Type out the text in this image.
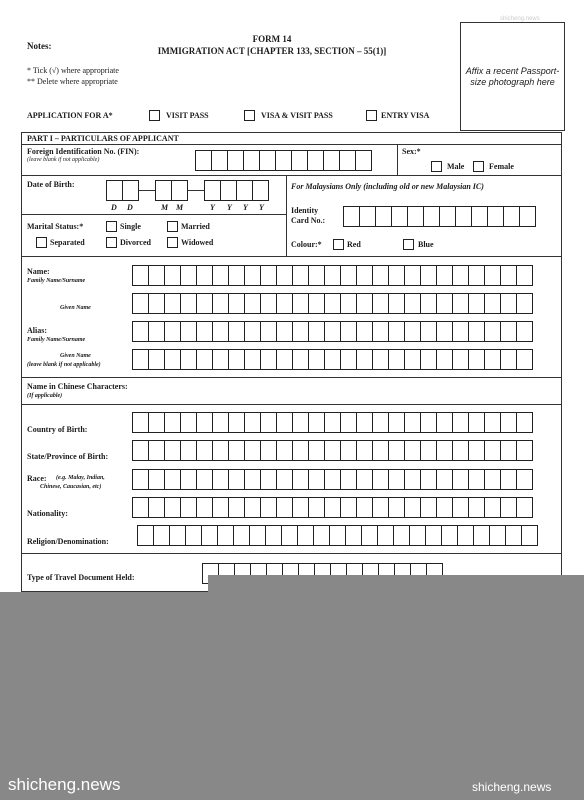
Notes:
FORM 14
IMMIGRATION ACT [CHAPTER 133, SECTION – 55(1)]
* Tick (√) where appropriate
** Delete where appropriate
shicheng.news
Affix a recent Passport-size photograph here
APPLICATION FOR A*	VISIT PASS	VISA & VISIT PASS	ENTRY VISA
PART I – PARTICULARS OF APPLICANT
Foreign Identification No. (FIN):
(leave blank if not applicable)
Sex:*
Male	Female
Date of Birth:
D D	M M	Y Y Y Y
For Malaysians Only (including old or new Malaysian IC)
Identity
Card No.:
Marital Status:*	Single	Married
Separated	Divorced	Widowed	Colour:*	Red	Blue
Name:
Family Name/Surname
Given Name
Alias:
Family Name/Surname
Given Name
(leave blank if not applicable)
Name in Chinese Characters:
(If applicable)
Country of Birth:
State/Province of Birth:
Race: (e.g. Malay, Indian,
Chinese, Caucasian, etc)
Nationality:
Religion/Denomination:
Type of Travel Document Held:
shicheng.news	shicheng.news
